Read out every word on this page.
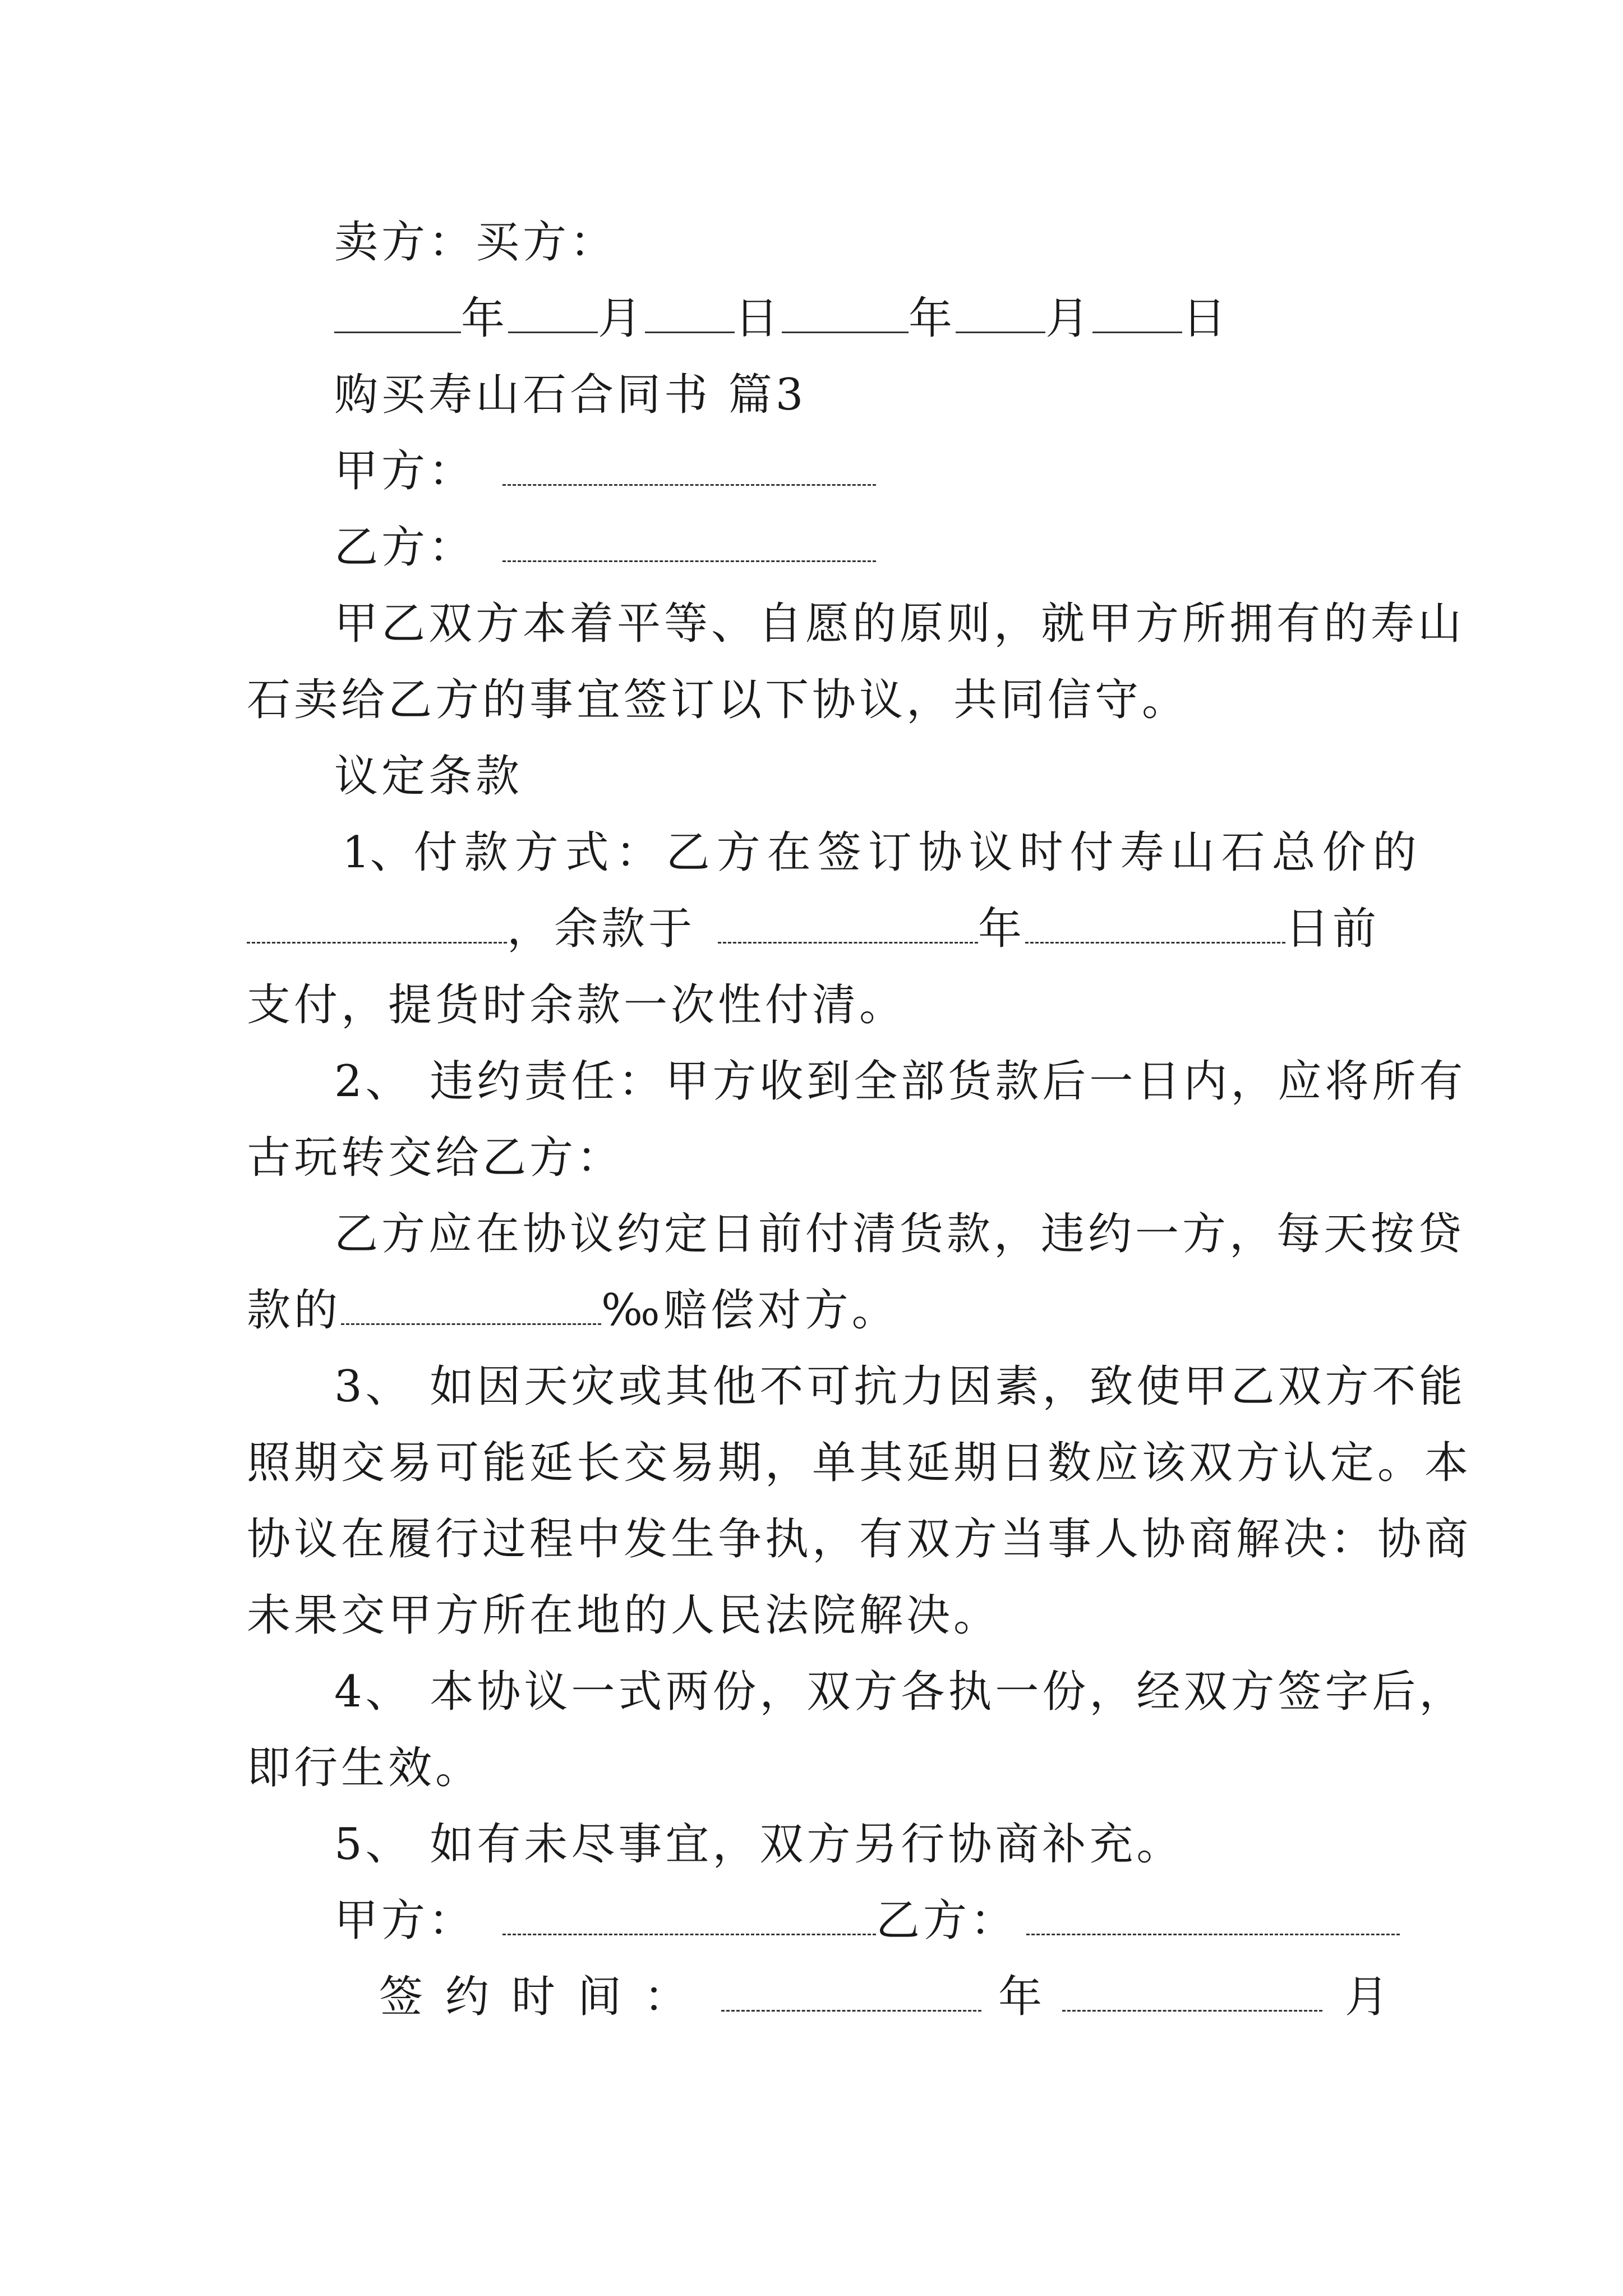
卖方：买方：
年 月 日	年 月 日
购买寿山石合同书 篇3
甲方：
乙方：
甲乙双方本着平等、自愿的原则，就甲方所拥有的寿山
石卖给乙方的事宜签订以下协议，共同信守。
议定条款
1、 付款方式：乙方在签订协议时付寿山石总价的
，余款于	年	日前
支付，提货时余款一次性付清。
2、 违约责任：甲方收到全部货款后一日内，应将所有
古玩转交给乙方：
乙方应在协议约定日前付清货款，违约一方，每天按贷
款的	‰赔偿对方。
3、 如因天灾或其他不可抗力因素，致使甲乙双方不能
照期交易可能延长交易期，单其延期日数应该双方认定。本
协议在履行过程中发生争执，有双方当事人协商解决：协商
未果交甲方所在地的人民法院解决。
4、 本协议一式两份，双方各执一份，经双方签字后，
即行生效。
5、 如有未尽事宜，双方另行协商补充。
甲方：	乙方：
签约时间：	年	月
